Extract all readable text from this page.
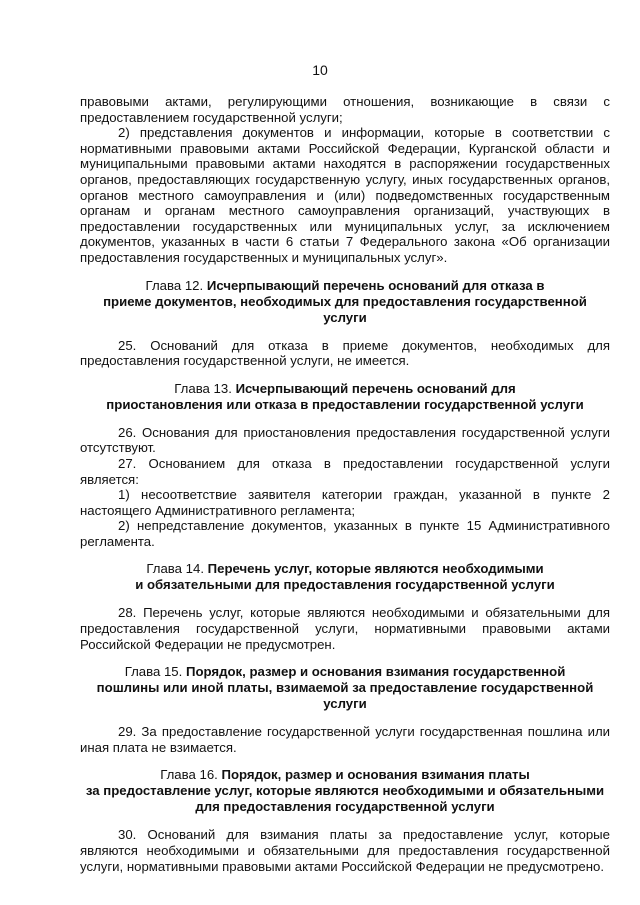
10

правовыми актами, регулирующими отношения, возникающие в связи с предоставлением государственной услуги;

2) представления документов и информации, которые в соответствии с нормативными правовыми актами Российской Федерации, Курганской области и муниципальными правовыми актами находятся в распоряжении государственных органов, предоставляющих государственную услугу, иных государственных органов, органов местного самоуправления и (или) подведомственных государственным органам и органам местного самоуправления организаций, участвующих в предоставлении государственных или муниципальных услуг, за исключением документов, указанных в части 6 статьи 7 Федерального закона «Об организации предоставления государственных и муниципальных услуг».

Глава 12. Исчерпывающий перечень оснований для отказа в
приеме документов, необходимых для предоставления государственной услуги

25. Оснований для отказа в приеме документов, необходимых для предоставления государственной услуги, не имеется.

Глава 13. Исчерпывающий перечень оснований для
приостановления или отказа в предоставлении государственной услуги

26. Основания для приостановления предоставления государственной услуги отсутствуют.

27. Основанием для отказа в предоставлении государственной услуги является:

1) несоответствие заявителя категории граждан, указанной в пункте 2 настоящего Административного регламента;

2) непредставление документов, указанных в пункте 15 Административного регламента.

Глава 14. Перечень услуг, которые являются необходимыми
и обязательными для предоставления государственной услуги

28. Перечень услуг, которые являются необходимыми и обязательными для предоставления государственной услуги, нормативными правовыми актами Российской Федерации не предусмотрен.

Глава 15. Порядок, размер и основания взимания государственной
пошлины или иной платы, взимаемой за предоставление государственной услуги

29. За предоставление государственной услуги государственная пошлина или иная плата не взимается.

Глава 16. Порядок, размер и основания взимания платы
за предоставление услуг, которые являются необходимыми и обязательными
для предоставления государственной услуги

30. Оснований для взимания платы за предоставление услуг, которые являются необходимыми и обязательными для предоставления государственной услуги, нормативными правовыми актами Российской Федерации не предусмотрено.
